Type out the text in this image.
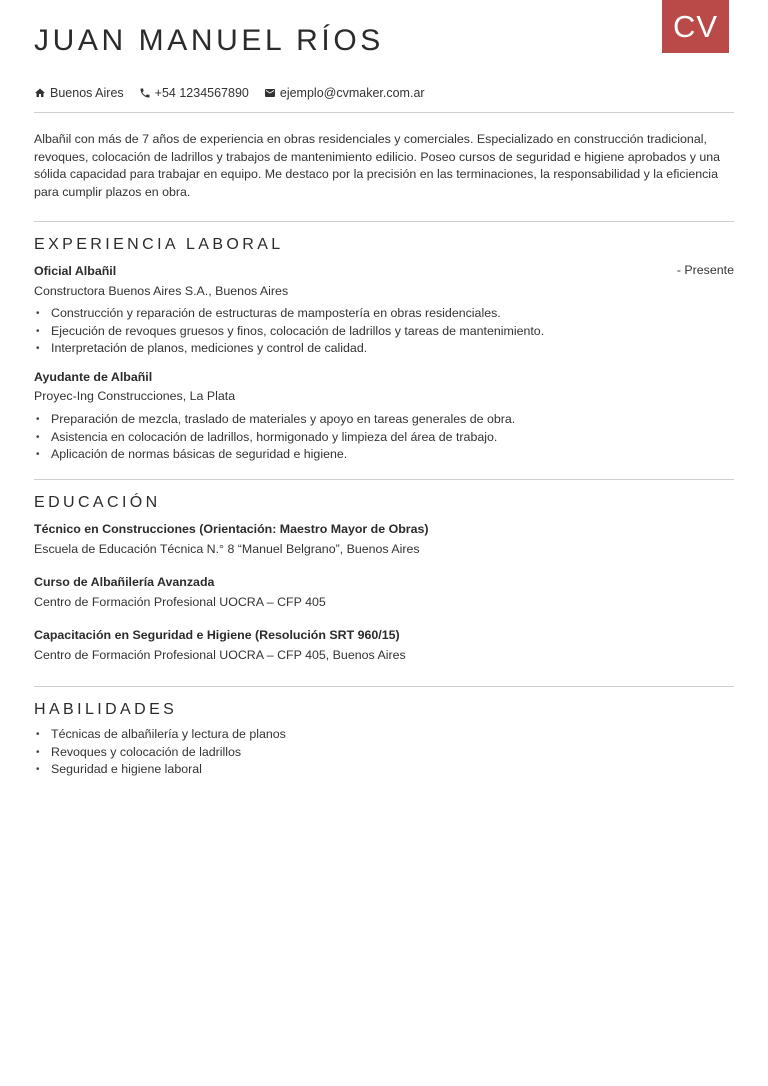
CV
JUAN MANUEL RÍOS
Buenos Aires +54 1234567890 ejemplo@cvmaker.com.ar

Albañil con más de 7 años de experiencia en obras residenciales y comerciales. Especializado en construcción tradicional, revoques, colocación de ladrillos y trabajos de mantenimiento edilicio. Poseo cursos de seguridad e higiene aprobados y una sólida capacidad para trabajar en equipo. Me destaco por la precisión en las terminaciones, la responsabilidad y la eficiencia para cumplir plazos en obra.

EXPERIENCIA LABORAL
Oficial Albañil	- Presente
Constructora Buenos Aires S.A., Buenos Aires
• Construcción y reparación de estructuras de mampostería en obras residenciales.
• Ejecución de revoques gruesos y finos, colocación de ladrillos y tareas de mantenimiento.
• Interpretación de planos, mediciones y control de calidad.
Ayudante de Albañil
Proyec-Ing Construcciones, La Plata
• Preparación de mezcla, traslado de materiales y apoyo en tareas generales de obra.
• Asistencia en colocación de ladrillos, hormigonado y limpieza del área de trabajo.
• Aplicación de normas básicas de seguridad e higiene.
EDUCACIÓN
Técnico en Construcciones (Orientación: Maestro Mayor de Obras)
Escuela de Educación Técnica N.° 8 “Manuel Belgrano”, Buenos Aires
Curso de Albañilería Avanzada
Centro de Formación Profesional UOCRA – CFP 405
Capacitación en Seguridad e Higiene (Resolución SRT 960/15)
Centro de Formación Profesional UOCRA – CFP 405, Buenos Aires
HABILIDADES
• Técnicas de albañilería y lectura de planos
• Revoques y colocación de ladrillos
• Seguridad e higiene laboral
